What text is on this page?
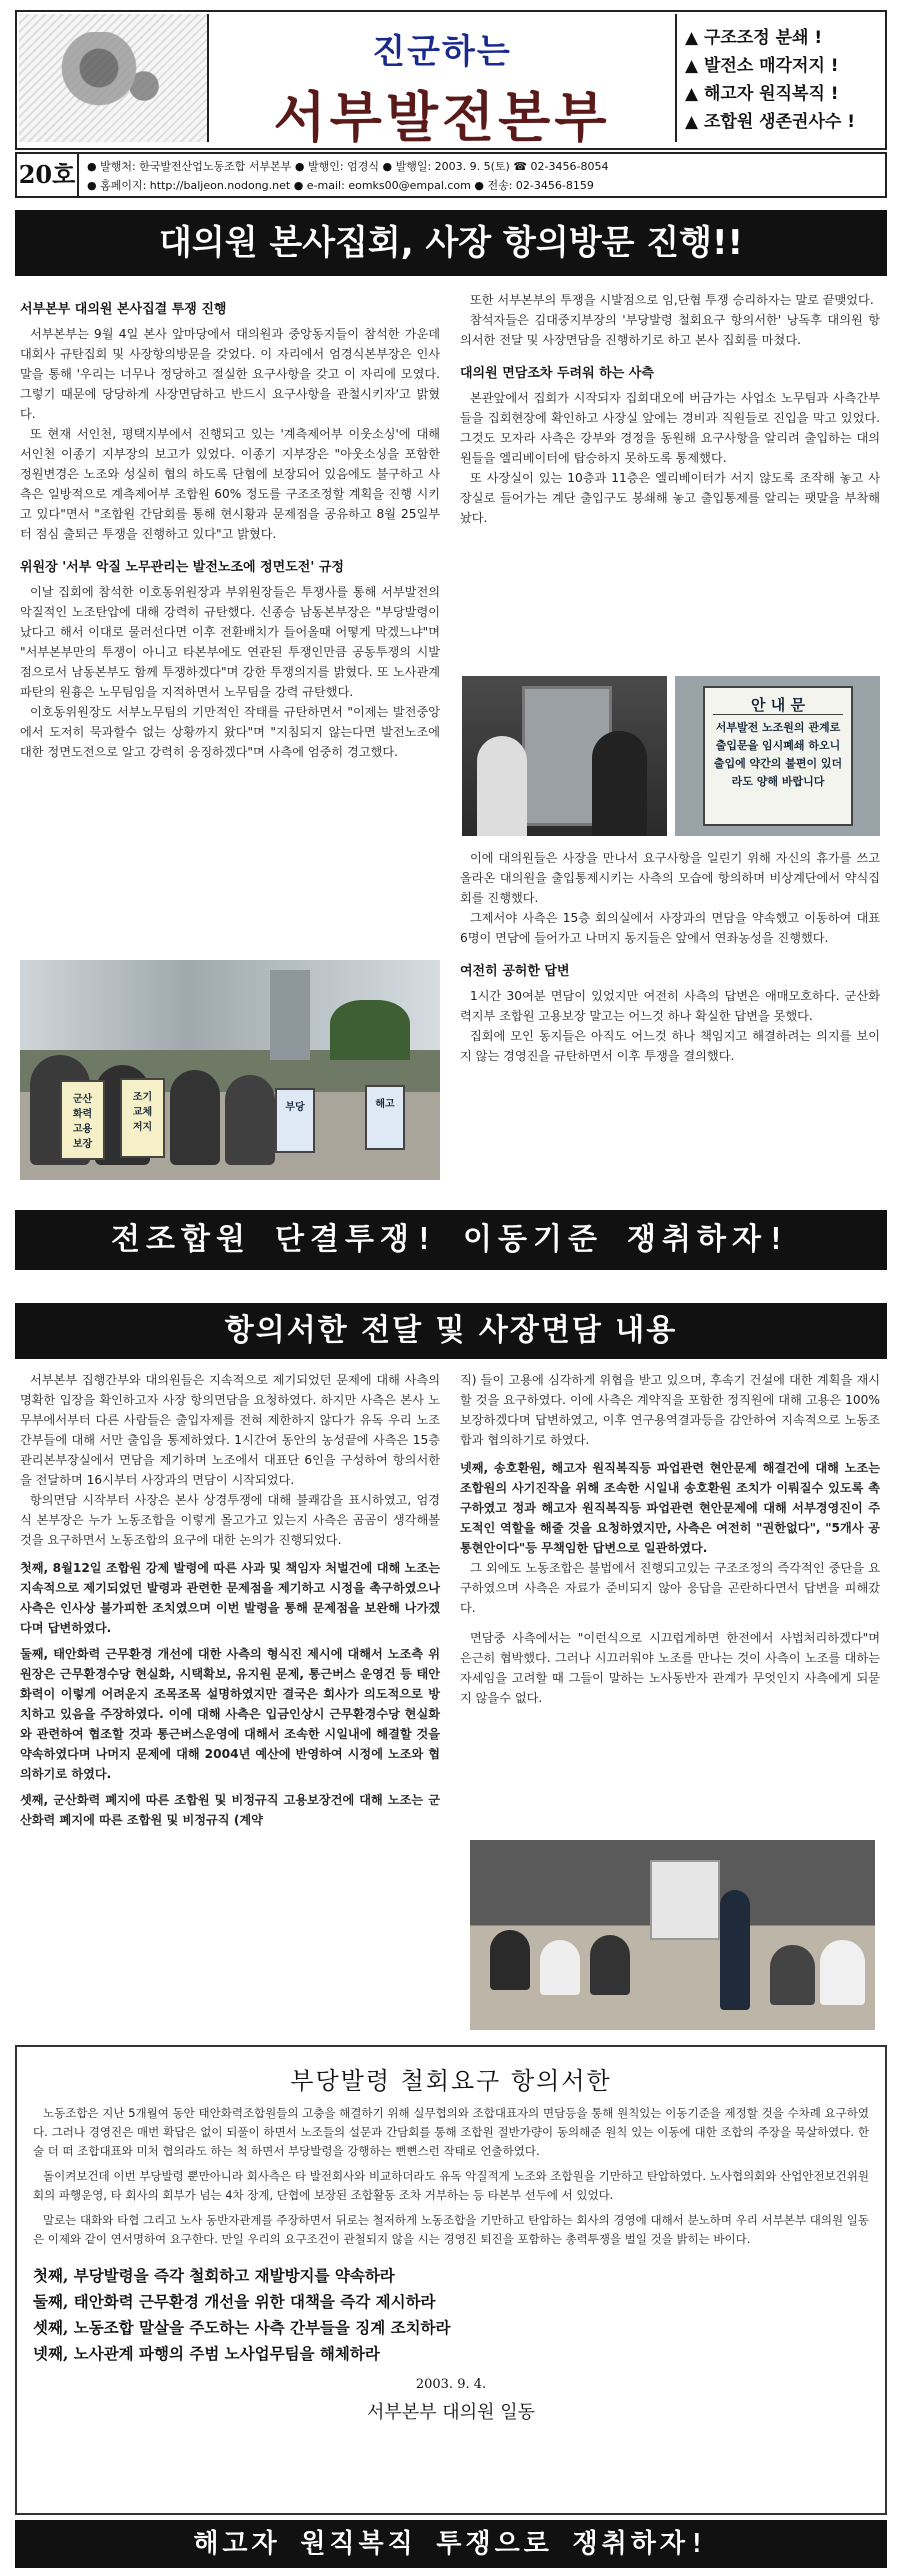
진군하는
서부발전본부
▲ 구조조정 분쇄 !
▲ 발전소 매각저지 !
▲ 해고자 원직복직 !
▲ 조합원 생존권사수 !
20호	● 발행처: 한국발전산업노동조합 서부본부 ● 발행인: 엄경식 ● 발행일: 2003. 9. 5(토) ☎ 02-3456-8054
● 홈페이지: http://baljeon.nodong.net ● e-mail: eomks00@empal.com ● 전송: 02-3456-8159
대의원 본사집회, 사장 항의방문 진행!!
서부본부 대의원 본사집결 투쟁 진행

서부본부는 9월 4일 본사 앞마당에서 대의원과 중앙동지들이 참석한 가운데 대회사 규탄집회 및 사장항의방문을 갖었다. 이 자리에서 엄경식본부장은 인사말을 통해 '우리는 너무나 정당하고 절실한 요구사항을 갖고 이 자리에 모였다. 그렇기 때문에 당당하게 사장면담하고 반드시 요구사항을 관철시키자'고 밝혔다.

또 현재 서인천, 평택지부에서 진행되고 있는 '계측제어부 이웃소싱'에 대해 서인천 이종기 지부장의 보고가 있었다. 이종기 지부장은 "아웃소싱을 포함한 정원변경은 노조와 성실히 협의 하도록 단협에 보장되어 있음에도 불구하고 사측은 일방적으로 계측제어부 조합원 60% 정도를 구조조정할 계획을 진행 시키고 있다"면서 "조합원 간담회를 통해 현시황과 문제점을 공유하고 8월 25일부터 점심 출퇴근 투쟁을 진행하고 있다"고 밝혔다.

위원장 '서부 악질 노무관리는 발전노조에 정면도전' 규정

이날 집회에 참석한 이호동위원장과 부위원장들은 투쟁사를 통해 서부발전의 악질적인 노조탄압에 대해 강력히 규탄했다. 신종승 남동본부장은 "부당발령이 났다고 해서 이대로 물러선다면 이후 전환배치가 들어올때 어떻게 막겠느냐"며 "서부본부만의 투쟁이 아니고 타본부에도 연관된 투쟁인만큼 공동투쟁의 시발점으로서 남동본부도 함께 투쟁하겠다"며 강한 투쟁의지를 밝혔다. 또 노사관계 파탄의 원흉은 노무팀임을 지적하면서 노무팀을 강력 규탄했다.

이호동위원장도 서부노무팀의 기만적인 작태를 규탄하면서 "이제는 발전중앙에서 도저히 묵과할수 없는 상황까지 왔다"며 "지침되지 않는다면 발전노조에 대한 정면도전으로 알고 강력히 응징하겠다"며 사측에 엄중히 경고했다.

군산화력 고용보장
조기교체 저지
부당	해고

또한 서부본부의 투쟁을 시발점으로 임,단협 투쟁 승리하자는 말로 끝맺었다.

참석자들은 김대중지부장의 '부당발령 철회요구 항의서한' 낭독후 대의원 항의서한 전달 및 사장면담을 진행하기로 하고 본사 집회를 마쳤다.

대의원 면담조차 두려워 하는 사측

본관앞에서 집회가 시작되자 집회대오에 버금가는 사업소 노무팀과 사측간부들을 집회현장에 확인하고 사장실 앞에는 경비과 직원들로 진입을 막고 있었다. 그것도 모자라 사측은 강부와 경정을 동원해 요구사항을 알리려 출입하는 대의원들을 엘리베이터에 탑승하지 못하도록 통제했다.

또 사장실이 있는 10층과 11층은 엘리베이터가 서지 않도록 조작해 놓고 사장실로 들어가는 계단 출입구도 봉쇄해 놓고 출입통제를 알리는 팻말을 부착해 놨다.

안 내 문
서부발전 노조원의 관계로 출입문을 임시폐쇄 하오니 출입에 약간의 불편이 있더라도 양해 바랍니다

이에 대의원들은 사장을 만나서 요구사항을 일린기 위해 자신의 휴가를 쓰고 올라온 대의원을 출입통제시키는 사측의 모습에 항의하며 비상계단에서 약식집회를 진행했다.

그제서야 사측은 15층 회의실에서 사장과의 면담을 약속했고 이동하여 대표 6명이 면담에 들어가고 나머지 동지들은 앞에서 연좌농성을 진행했다.

여전히 공허한 답변

1시간 30여분 면담이 있었지만 여전히 사측의 답변은 애매모호하다. 군산화력지부 조합원 고용보장 말고는 어느것 하나 확실한 답변을 못했다.

집회에 모인 동지들은 아직도 어느것 하나 책임지고 해결하려는 의지를 보이지 않는 경영진을 규탄하면서 이후 투쟁을 결의했다.

전조합원 단결투쟁! 이동기준 쟁취하자!
항의서한 전달 및 사장면담 내용

서부본부 집행간부와 대의원들은 지속적으로 제기되었던 문제에 대해 사측의 명확한 입장을 확인하고자 사장 항의면담을 요청하였다. 하지만 사측은 본사 노무부에서부터 다른 사람들은 출입자제를 전혀 제한하지 않다가 유독 우리 노조간부들에 대해 서만 출입을 통제하였다. 1시간여 동안의 농성끝에 사측은 15층 관리본부장실에서 면담을 제기하며 노조에서 대표단 6인을 구성하여 항의서한을 전달하며 16시부터 사장과의 면담이 시작되었다.

항의면담 시작부터 사장은 본사 상경투쟁에 대해 불쾌감을 표시하였고, 엄경식 본부장은 누가 노동조합을 이렇게 몰고가고 있는지 사측은 곰곰이 생각해볼 것을 요구하면서 노동조합의 요구에 대한 논의가 진행되었다.

첫째, 8월12일 조합원 강제 발령에 따른 사과 및 책임자 처벌건에 대해 노조는 지속적으로 제기되었던 발령과 관련한 문제점을 제기하고 시정을 촉구하였으나 사측은 인사상 불가피한 조치였으며 이번 발령을 통해 문제점을 보완해 나가겠다며 답변하였다.

둘째, 태안화력 근무환경 개선에 대한 사측의 형식진 제시에 대해서 노조측 위원장은 근무환경수당 현실화, 시택확보, 유지원 문제, 통근버스 운영건 등 태안화력이 이렇게 어려운지 조목조목 설명하였지만 결국은 회사가 의도적으로 방치하고 있음을 주장하였다. 이에 대해 사측은 입금인상시 근무환경수당 현실화와 관련하여 협조할 것과 통근버스운영에 대해서 조속한 시일내에 해결할 것을 약속하였다며 나머지 문제에 대해 2004년 예산에 반영하여 시정에 노조와 협의하기로 하였다.

셋째, 군산화력 폐지에 따른 조합원 및 비정규직 고용보장건에 대해 노조는 군산화력 폐지에 따른 조합원 및 비정규직 (계약

직) 들이 고용에 심각하게 위협을 받고 있으며, 후속기 건설에 대한 계획을 재시할 것을 요구하였다. 이에 사측은 계약직을 포함한 정직원에 대해 고용은 100% 보장하겠다며 답변하였고, 이후 연구용역결과등을 감안하여 지속적으로 노동조합과 협의하기로 하였다.

넷째, 송호환원, 해고자 원직복직등 파업관련 현안문제 해결건에 대해 노조는 조합원의 사기진작을 위해 조속한 시일내 송호환원 조치가 이뤄질수 있도록 촉구하였고 정과 해고자 원직복직등 파업관련 현안문제에 대해 서부경영진이 주도적인 역할을 해줄 것을 요청하였지만, 사측은 여전히 "권한없다", "5개사 공통현안이다"등 무책임한 답변으로 일관하였다.

그 외에도 노동조합은 불법에서 진행되고있는 구조조정의 즉각적인 중단을 요구하였으며 사측은 자료가 준비되지 않아 응답을 곤란하다면서 답변을 피해갔다.

면담중 사측에서는 "이런식으로 시끄럽게하면 한전에서 사법처리하겠다"며 은근히 협박했다. 그러나 시끄러워야 노조를 만나는 것이 사측이 노조를 대하는 자세임을 고려할 때 그들이 말하는 노사동반자 관계가 무엇인지 사측에게 되묻지 않을수 없다.

부당발령 철회요구 항의서한

노동조합은 지난 5개월여 동안 태안화력조합원들의 고충을 해결하기 위해 실무협의와 조합대표자의 면담등을 통해 원칙있는 이동기준을 제정할 것을 수차례 요구하였다. 그러나 경영진은 매번 확답은 없이 되풀이 하면서 노조들의 설문과 간담회를 통해 조합원 절반가량이 동의해준 원칙 있는 이동에 대한 조합의 주장을 묵살하였다. 한술 더 떠 조합대표와 미처 협의라도 하는 척 하면서 부당발령을 강행하는 뻔뻔스런 작태로 언출하였다.

돌이켜보건데 이번 부당발령 뿐만아니라 회사측은 타 발전회사와 비교하더라도 유독 악질적게 노조와 조합원을 기만하고 탄압하였다. 노사협의회와 산업안전보건위원회의 파행운영, 타 회사의 회부가 넘는 4차 장계, 단협에 보장된 조합활동 조차 거부하는 등 타본부 선두에 서 있었다.

말로는 대화와 타협 그리고 노사 동반자관계를 주장하면서 뒤로는 철저하게 노동조합을 기만하고 탄압하는 회사의 경영에 대해서 분노하며 우리 서부본부 대의원 일동은 이제와 같이 연서명하여 요구한다. 만일 우리의 요구조건이 관철되지 않을 시는 경영진 퇴진을 포함하는 총력투쟁을 벌일 것을 밝히는 바이다.

첫째, 부당발령을 즉각 철회하고 재발방지를 약속하라
둘째, 태안화력 근무환경 개선을 위한 대책을 즉각 제시하라
셋째, 노동조합 말살을 주도하는 사측 간부들을 징계 조치하라
넷째, 노사관계 파행의 주범 노사업무팀을 해체하라
2003. 9. 4.
서부본부 대의원 일동
해고자 원직복직 투쟁으로 쟁취하자!
